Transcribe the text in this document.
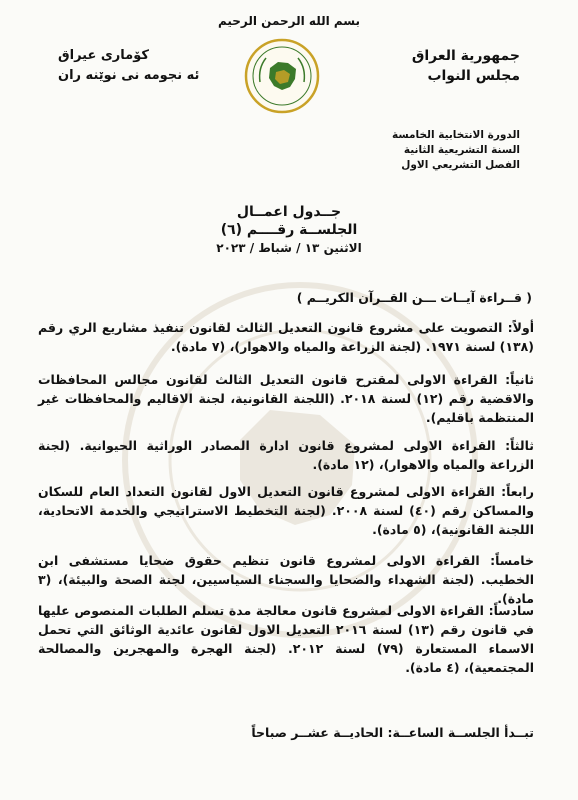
بسم الله الرحمن الرحيم
جمهورية العراق
مجلس النواب
كۆماری عیراق
ئه نجومه نی نوێنه ران
الدورة الانتخابية الخامسة
السنة التشريعية الثانية
الفصل التشريعي الاول
جــدول اعمــال
الجلســة رقــــم (٦)
الاثنين ١٣ / شباط / ٢٠٢٣
( قــراءة آيــات ـــن القــرآن الكريــم )
أولاً: التصويت على مشروع قانون التعديل الثالث لقانون تنفيذ مشاريع الري رقم (١٣٨) لسنة ١٩٧١. (لجنة الزراعة والمياه والاهوار)، (٧ مادة).
ثانياً: القراءة الاولى لمقترح قانون التعديل الثالث لقانون مجالس المحافظات والاقضية رقم (١٢) لسنة ٢٠١٨. (اللجنة القانونية، لجنة الاقاليم والمحافظات غير المنتظمة باقليم).
ثالثاً: القراءة الاولى لمشروع قانون ادارة المصادر الوراثية الحيوانية. (لجنة الزراعة والمياه والاهوار)، (١٢ مادة).
رابعاً: القراءة الاولى لمشروع قانون التعديل الاول لقانون التعداد العام للسكان والمساكن رقم (٤٠) لسنة ٢٠٠٨. (لجنة التخطيط الاستراتيجي والخدمة الاتحادية، اللجنة القانونية)، (٥ مادة).
خامساً: القراءة الاولى لمشروع قانون تنظيم حقوق ضحايا مستشفى ابن الخطيب. (لجنة الشهداء والضحايا والسجناء السياسيين، لجنة الصحة والبيئة)، (٣ مادة).
سادساً: القراءة الاولى لمشروع قانون معالجة مدة تسلم الطلبات المنصوص عليها في قانون رقم (١٣) لسنة ٢٠١٦ التعديل الاول لقانون عائدية الوثائق التي تحمل الاسماء المستعارة (٧٩) لسنة ٢٠١٢. (لجنة الهجرة والمهجرين والمصالحة المجتمعية)، (٤ مادة).
تبــدأ الجلســة الساعــة: الحاديــة عشــر صباحاً
